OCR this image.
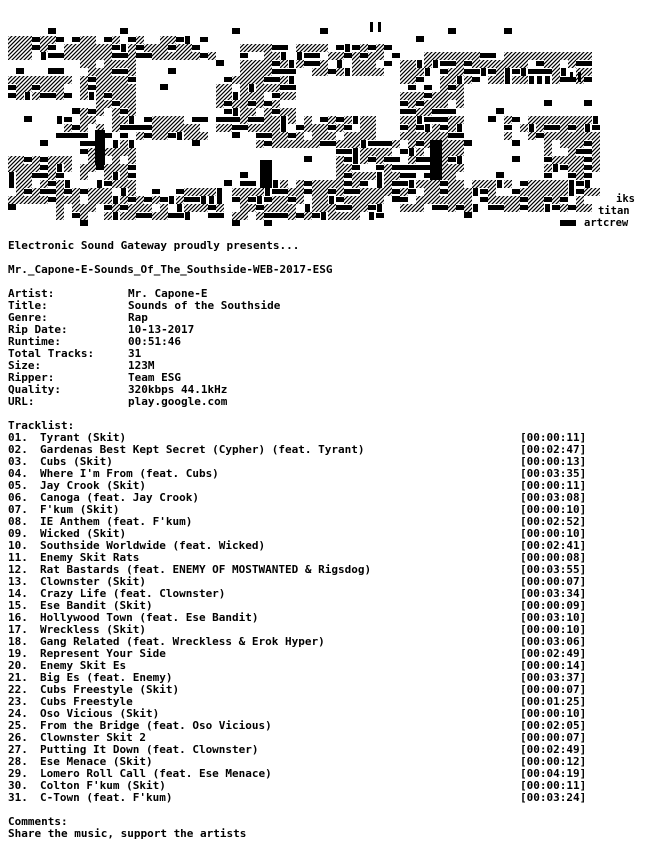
iks
titan
artcrew
Electronic Sound Gateway proudly presents...
Mr._Capone-E-Sounds_Of_The_Southside-WEB-2017-ESG
Artist:	Mr. Capone-E
Title:	Sounds of the Southside
Genre:	Rap
Rip Date:	10-13-2017
Runtime:	00:51:46
Total Tracks:	31
Size:	123M
Ripper:	Team ESG
Quality:	320kbps 44.1kHz
URL:	play.google.com
Tracklist:
01. Tyrant (Skit)	[00:00:11]
02. Gardenas Best Kept Secret (Cypher) (feat. Tyrant)	[00:02:47]
03. Cubs (Skit)	[00:00:13]
04. Where I'm From (feat. Cubs)	[00:03:35]
05. Jay Crook (Skit)	[00:00:11]
06. Canoga (feat. Jay Crook)	[00:03:08]
07. F'kum (Skit)	[00:00:10]
08. IE Anthem (feat. F'kum)	[00:02:52]
09. Wicked (Skit)	[00:00:10]
10. Southside Worldwide (feat. Wicked)	[00:02:41]
11. Enemy Skit Rats	[00:00:08]
12. Rat Bastards (feat. ENEMY OF MOSTWANTED & Rigsdog)	[00:03:55]
13. Clownster (Skit)	[00:00:07]
14. Crazy Life (feat. Clownster)	[00:03:34]
15. Ese Bandit (Skit)	[00:00:09]
16. Hollywood Town (feat. Ese Bandit)	[00:03:10]
17. Wreckless (Skit)	[00:00:10]
18. Gang Related (feat. Wreckless & Erok Hyper)	[00:03:06]
19. Represent Your Side	[00:02:49]
20. Enemy Skit Es	[00:00:14]
21. Big Es (feat. Enemy)	[00:03:37]
22. Cubs Freestyle (Skit)	[00:00:07]
23. Cubs Freestyle	[00:01:25]
24. Oso Vicious (Skit)	[00:00:10]
25. From the Bridge (feat. Oso Vicious)	[00:02:05]
26. Clownster Skit 2	[00:00:07]
27. Putting It Down (feat. Clownster)	[00:02:49]
28. Ese Menace (Skit)	[00:00:12]
29. Lomero Roll Call (feat. Ese Menace)	[00:04:19]
30. Colton F'kum (Skit)	[00:00:11]
31. C-Town (feat. F'kum)	[00:03:24]
Comments:
Share the music, support the artists
